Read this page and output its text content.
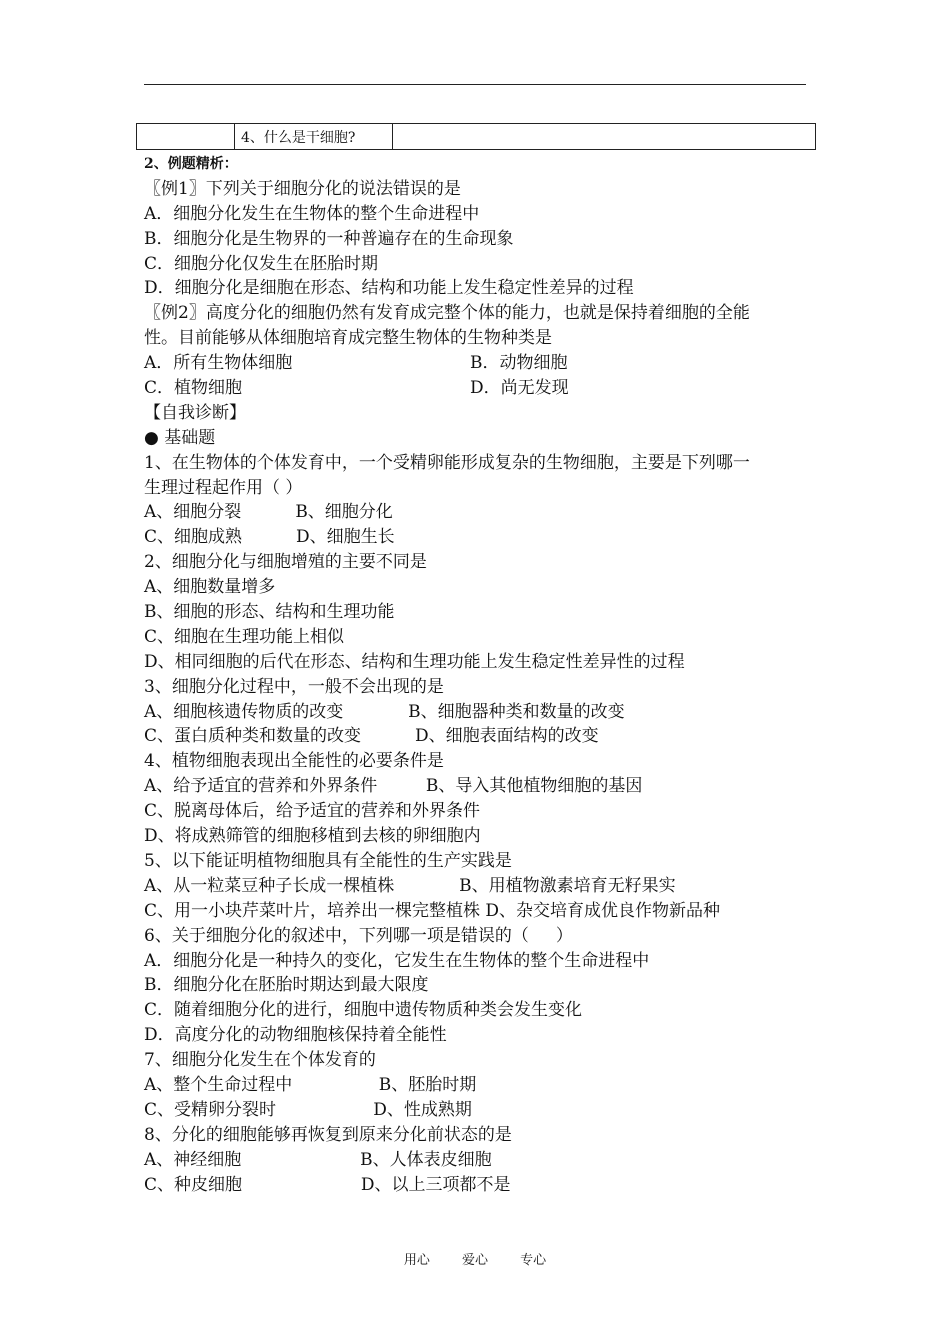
	4、什么是干细胞?	
2、例题精析：
〖例1〗下列关于细胞分化的说法错误的是
A．细胞分化发生在生物体的整个生命进程中
B．细胞分化是生物界的一种普遍存在的生命现象
C．细胞分化仅发生在胚胎时期
D．细胞分化是细胞在形态、结构和功能上发生稳定性差异的过程
〖例2〗高度分化的细胞仍然有发育成完整个体的能力，也就是保持着细胞的全能
性。目前能够从体细胞培育成完整生物体的生物种类是
A．所有生物体细胞	B．动物细胞
C．植物细胞	D．尚无发现
【自我诊断】
● 基础题
1、在生物体的个体发育中，一个受精卵能形成复杂的生物细胞，主要是下列哪一
生理过程起作用（ ）
A、细胞分裂          B、细胞分化
C、细胞成熟          D、细胞生长
2、细胞分化与细胞增殖的主要不同是
A、细胞数量增多
B、细胞的形态、结构和生理功能
C、细胞在生理功能上相似
D、相同细胞的后代在形态、结构和生理功能上发生稳定性差异性的过程
3、细胞分化过程中，一般不会出现的是
A、细胞核遗传物质的改变            B、细胞器种类和数量的改变
C、蛋白质种类和数量的改变          D、细胞表面结构的改变
4、植物细胞表现出全能性的必要条件是
A、给予适宜的营养和外界条件         B、导入其他植物细胞的基因
C、脱离母体后，给予适宜的营养和外界条件
D、将成熟筛管的细胞移植到去核的卵细胞内
5、以下能证明植物细胞具有全能性的生产实践是
A、从一粒菜豆种子长成一棵植株            B、用植物激素培育无籽果实
C、用一小块芹菜叶片，培养出一棵完整植株 D、杂交培育成优良作物新品种
6、关于细胞分化的叙述中，下列哪一项是错误的（     ）
A．细胞分化是一种持久的变化，它发生在生物体的整个生命进程中
B．细胞分化在胚胎时期达到最大限度
C．随着细胞分化的进行，细胞中遗传物质种类会发生变化
D．高度分化的动物细胞核保持着全能性
7、细胞分化发生在个体发育的
A、整个生命过程中                B、胚胎时期
C、受精卵分裂时                  D、性成熟期
8、分化的细胞能够再恢复到原来分化前状态的是
A、神经细胞                      B、人体表皮细胞
C、种皮细胞                      D、以上三项都不是
用心 爱心 专心
